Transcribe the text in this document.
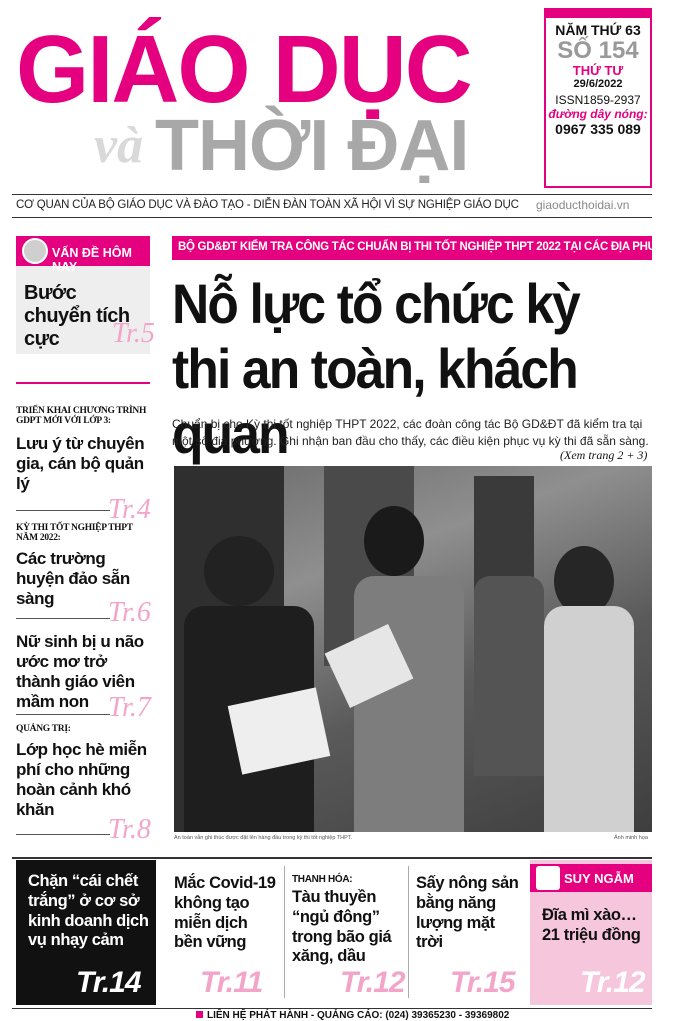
GIÁO DỤC
THỜI ĐẠI
và
NĂM THỨ 63
SỐ 154
THỨ TƯ
29/6/2022
ISSN1859-2937
đường dây nóng:
0967 335 089
CƠ QUAN CỦA BỘ GIÁO DỤC VÀ ĐÀO TẠO - DIỄN ĐÀN TOÀN XÃ HỘI VÌ SỰ NGHIỆP GIÁO DỤC giaoducthoidai.vn
VẤN ĐỀ HÔM NAY
Bước chuyển tích cực	Tr.5
TRIỂN KHAI CHƯƠNG TRÌNH GDPT MỚI VỚI LỚP 3:
Lưu ý từ chuyên gia, cán bộ quản lý
Tr.4
KỲ THI TỐT NGHIỆP THPT NĂM 2022:
Các trường huyện đảo sẵn sàng	Tr.6
Nữ sinh bị u não ước mơ trở thành giáo viên mầm non Tr.7
QUẢNG TRỊ:
Lớp học hè miễn phí cho những hoàn cảnh khó khăn
Tr.8
BỘ GD&ĐT KIỂM TRA CÔNG TÁC CHUẨN BỊ THI TỐT NGHIỆP THPT 2022 TẠI CÁC ĐỊA PHƯƠNG:
Nỗ lực tổ chức kỳ thi an toàn, khách quan
Chuẩn bị cho Kỳ thi tốt nghiệp THPT 2022, các đoàn công tác Bộ GD&ĐT đã kiểm tra tại một số địa phương. Ghi nhận ban đầu cho thấy, các điều kiện phục vụ kỳ thi đã sẵn sàng.
(Xem trang 2 + 3)
An toàn vẫn ghi thúc được đặt lên hàng đầu trong kỳ thi tốt nghiệp THPT.	Ảnh minh họa
Chặn “cái chết trắng” ở cơ sở kinh doanh dịch vụ nhạy cảm
Tr.14
Mắc Covid-19 không tạo miễn dịch bền vững
Tr.11
THANH HÓA:
Tàu thuyền “ngủ đông” trong bão giá xăng, dầu
Tr.12
Sấy nông sản bằng năng lượng mặt trời
Tr.15
Đĩa mì xào… 21 triệu đồng
Tr.12
SUY NGẪM
LIÊN HỆ PHÁT HÀNH - QUẢNG CÁO: (024) 39365230 - 39369802
